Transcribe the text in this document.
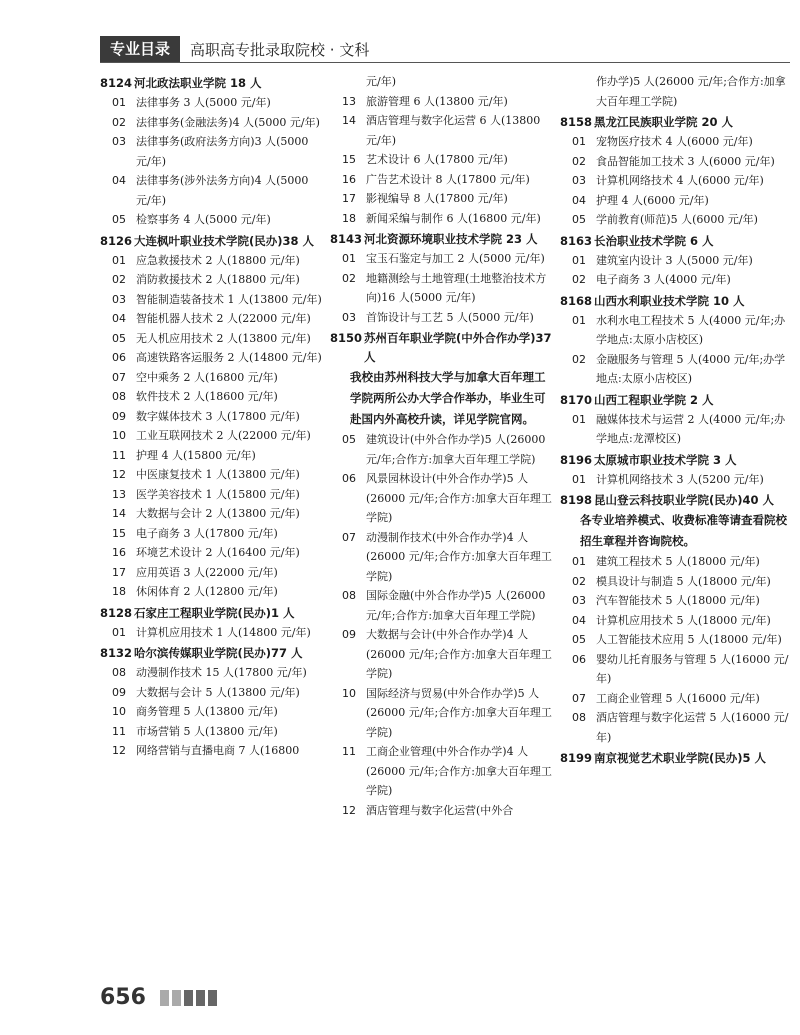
专业目录	高职高专批录取院校 · 文科
8124 河北政法职业学院 18 人
01 法律事务 3 人(5000 元/年)
02 法律事务(金融法务)4 人(5000 元/年)
03 法律事务(政府法务方向)3 人(5000 元/年)
04 法律事务(涉外法务方向)4 人(5000 元/年)
05 检察事务 4 人(5000 元/年)
8126 大连枫叶职业技术学院(民办)38 人
01 应急救援技术 2 人(18800 元/年)
02 消防救援技术 2 人(18800 元/年)
03 智能制造装备技术 1 人(13800 元/年)
04 智能机器人技术 2 人(22000 元/年)
05 无人机应用技术 2 人(13800 元/年)
06 高速铁路客运服务 2 人(14800 元/年)
07 空中乘务 2 人(16800 元/年)
08 软件技术 2 人(18600 元/年)
09 数字媒体技术 3 人(17800 元/年)
10 工业互联网技术 2 人(22000 元/年)
11 护理 4 人(15800 元/年)
12 中医康复技术 1 人(13800 元/年)
13 医学美容技术 1 人(15800 元/年)
14 大数据与会计 2 人(13800 元/年)
15 电子商务 3 人(17800 元/年)
16 环境艺术设计 2 人(16400 元/年)
17 应用英语 3 人(22000 元/年)
18 休闲体育 2 人(12800 元/年)
8128 石家庄工程职业学院(民办)1 人
01 计算机应用技术 1 人(14800 元/年)
8132 哈尔滨传媒职业学院(民办)77 人
08 动漫制作技术 15 人(17800 元/年)
09 大数据与会计 5 人(13800 元/年)
10 商务管理 5 人(13800 元/年)
11 市场营销 5 人(13800 元/年)
12 网络营销与直播电商 7 人(16800
元/年)
13 旅游管理 6 人(13800 元/年)
14 酒店管理与数字化运营 6 人(13800 元/年)
15 艺术设计 6 人(17800 元/年)
16 广告艺术设计 8 人(17800 元/年)
17 影视编导 8 人(17800 元/年)
18 新闻采编与制作 6 人(16800 元/年)
8143 河北资源环境职业技术学院 23 人
01 宝玉石鉴定与加工 2 人(5000 元/年)
02 地籍测绘与土地管理(土地整治技术方向)16 人(5000 元/年)
03 首饰设计与工艺 5 人(5000 元/年)
8150 苏州百年职业学院(中外合作办学)37 人
我校由苏州科技大学与加拿大百年理工学院两所公办大学合作举办，毕业生可赴国内外高校升读，详见学院官网。
05 建筑设计(中外合作办学)5 人(26000 元/年;合作方:加拿大百年理工学院)
06 风景园林设计(中外合作办学)5 人(26000 元/年;合作方:加拿大百年理工学院)
07 动漫制作技术(中外合作办学)4 人(26000 元/年;合作方:加拿大百年理工学院)
08 国际金融(中外合作办学)5 人(26000 元/年;合作方:加拿大百年理工学院)
09 大数据与会计(中外合作办学)4 人(26000 元/年;合作方:加拿大百年理工学院)
10 国际经济与贸易(中外合作办学)5 人(26000 元/年;合作方:加拿大百年理工学院)
11 工商企业管理(中外合作办学)4 人(26000 元/年;合作方:加拿大百年理工学院)
12 酒店管理与数字化运营(中外合
作办学)5 人(26000 元/年;合作方:加拿大百年理工学院)
8158 黑龙江民族职业学院 20 人
01 宠物医疗技术 4 人(6000 元/年)
02 食品智能加工技术 3 人(6000 元/年)
03 计算机网络技术 4 人(6000 元/年)
04 护理 4 人(6000 元/年)
05 学前教育(师范)5 人(6000 元/年)
8163 长治职业技术学院 6 人
01 建筑室内设计 3 人(5000 元/年)
02 电子商务 3 人(4000 元/年)
8168 山西水利职业技术学院 10 人
01 水利水电工程技术 5 人(4000 元/年;办学地点:太原小店校区)
02 金融服务与管理 5 人(4000 元/年;办学地点:太原小店校区)
8170 山西工程职业学院 2 人
01 融媒体技术与运营 2 人(4000 元/年;办学地点:龙潭校区)
8196 太原城市职业技术学院 3 人
01 计算机网络技术 3 人(5200 元/年)
8198 昆山登云科技职业学院(民办)40 人
各专业培养模式、收费标准等请查看院校招生章程并咨询院校。
01 建筑工程技术 5 人(18000 元/年)
02 模具设计与制造 5 人(18000 元/年)
03 汽车智能技术 5 人(18000 元/年)
04 计算机应用技术 5 人(18000 元/年)
05 人工智能技术应用 5 人(18000 元/年)
06 婴幼儿托育服务与管理 5 人(16000 元/年)
07 工商企业管理 5 人(16000 元/年)
08 酒店管理与数字化运营 5 人(16000 元/年)
8199 南京视觉艺术职业学院(民办)5 人
656
